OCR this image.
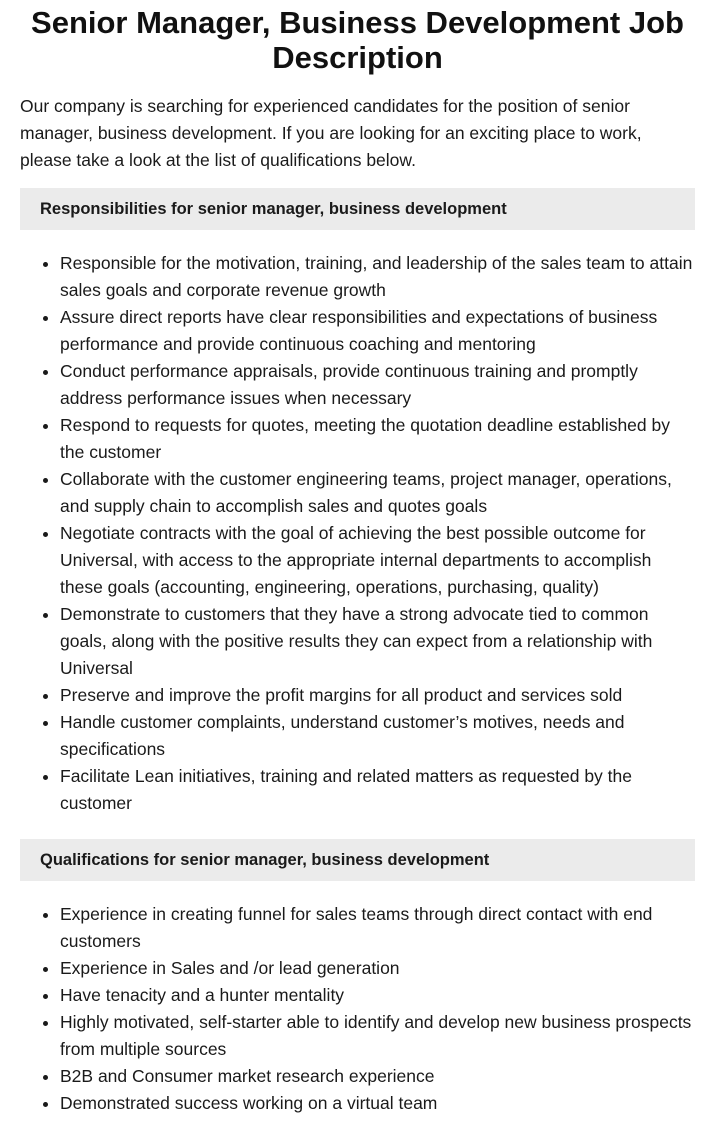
Senior Manager, Business Development Job Description

Our company is searching for experienced candidates for the position of senior manager, business development. If you are looking for an exciting place to work, please take a look at the list of qualifications below.

Responsibilities for senior manager, business development
• Responsible for the motivation, training, and leadership of the sales team to attain sales goals and corporate revenue growth
• Assure direct reports have clear responsibilities and expectations of business performance and provide continuous coaching and mentoring
• Conduct performance appraisals, provide continuous training and promptly address performance issues when necessary
• Respond to requests for quotes, meeting the quotation deadline established by the customer
• Collaborate with the customer engineering teams, project manager, operations, and supply chain to accomplish sales and quotes goals
• Negotiate contracts with the goal of achieving the best possible outcome for Universal, with access to the appropriate internal departments to accomplish these goals (accounting, engineering, operations, purchasing, quality)
• Demonstrate to customers that they have a strong advocate tied to common goals, along with the positive results they can expect from a relationship with Universal
• Preserve and improve the profit margins for all product and services sold
• Handle customer complaints, understand customer’s motives, needs and specifications
• Facilitate Lean initiatives, training and related matters as requested by the customer
Qualifications for senior manager, business development
• Experience in creating funnel for sales teams through direct contact with end customers
• Experience in Sales and /or lead generation
• Have tenacity and a hunter mentality
• Highly motivated, self-starter able to identify and develop new business prospects from multiple sources
• B2B and Consumer market research experience
• Demonstrated success working on a virtual team
